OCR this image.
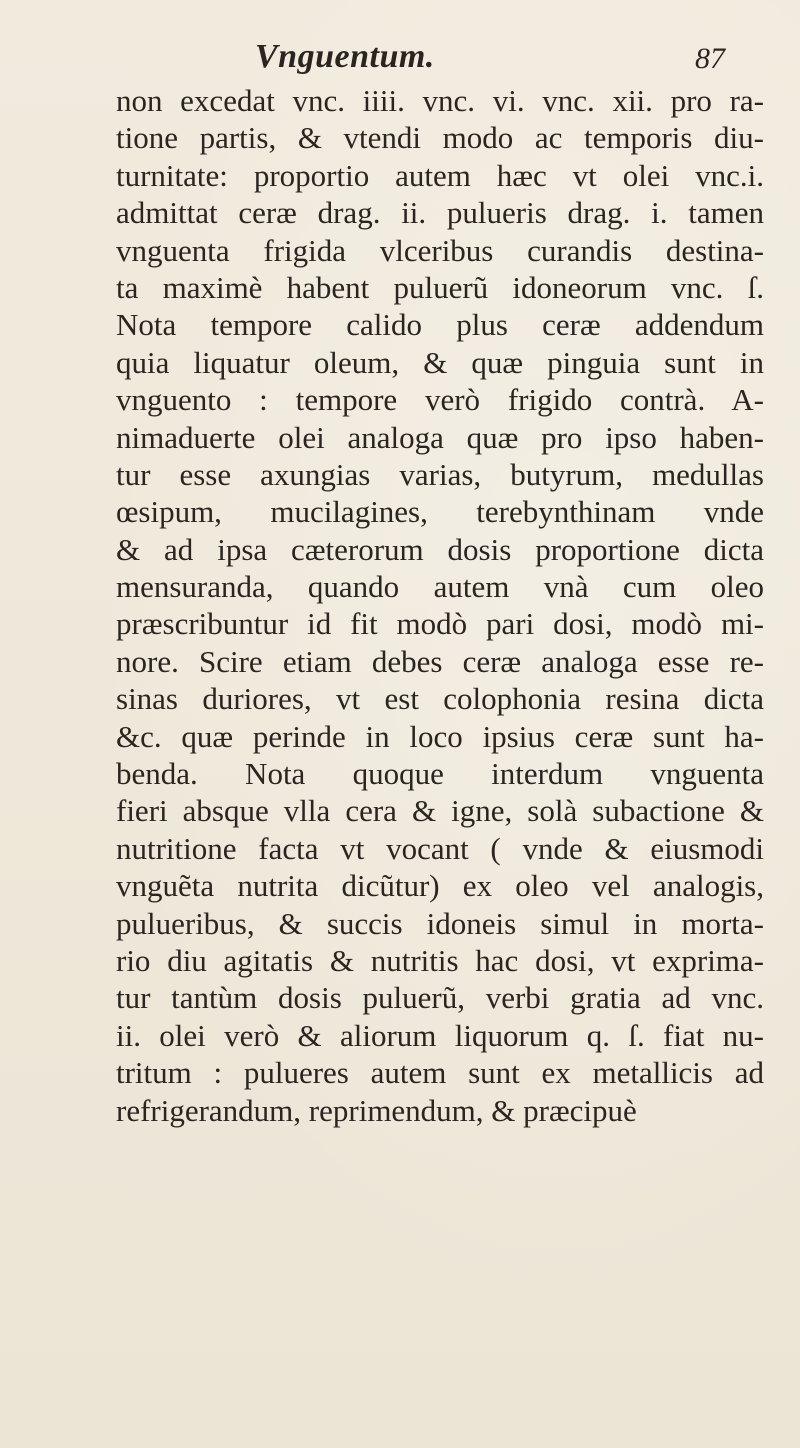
Vnguentum.	87
non excedat vnc. iiii. vnc. vi. vnc. xii. pro ra-
tione partis, & vtendi modo ac temporis diu-
turnitate: proportio autem hæc vt olei vnc.i.
admittat ceræ drag. ii. pulueris drag. i. tamen
vnguenta frigida vlceribus curandis destina-
ta maximè habent puluerũ idoneorum vnc. ſ.
Nota tempore calido plus ceræ addendum
quia liquatur oleum, & quæ pinguia sunt in
vnguento : tempore verò frigido contrà. A-
nimaduerte olei analoga quæ pro ipso haben-
tur esse axungias varias, butyrum, medullas
œsipum, mucilagines, terebynthinam vnde
& ad ipsa cæterorum dosis proportione dicta
mensuranda, quando autem vnà cum oleo
præscribuntur id fit modò pari dosi, modò mi-
nore. Scire etiam debes ceræ analoga esse re-
sinas duriores, vt est colophonia resina dicta
&c. quæ perinde in loco ipsius ceræ sunt ha-
benda. Nota quoque interdum vnguenta
fieri absque vlla cera & igne, solà subactione &
nutritione facta vt vocant ( vnde & eiusmodi
vnguẽta nutrita dicũtur) ex oleo vel analogis,
pulueribus, & succis idoneis simul in morta-
rio diu agitatis & nutritis hac dosi, vt exprima-
tur tantùm dosis puluerũ, verbi gratia ad vnc.
ii. olei verò & aliorum liquorum q. ſ. fiat nu-
tritum : pulueres autem sunt ex metallicis ad
refrigerandum, reprimendum, & præcipuè
